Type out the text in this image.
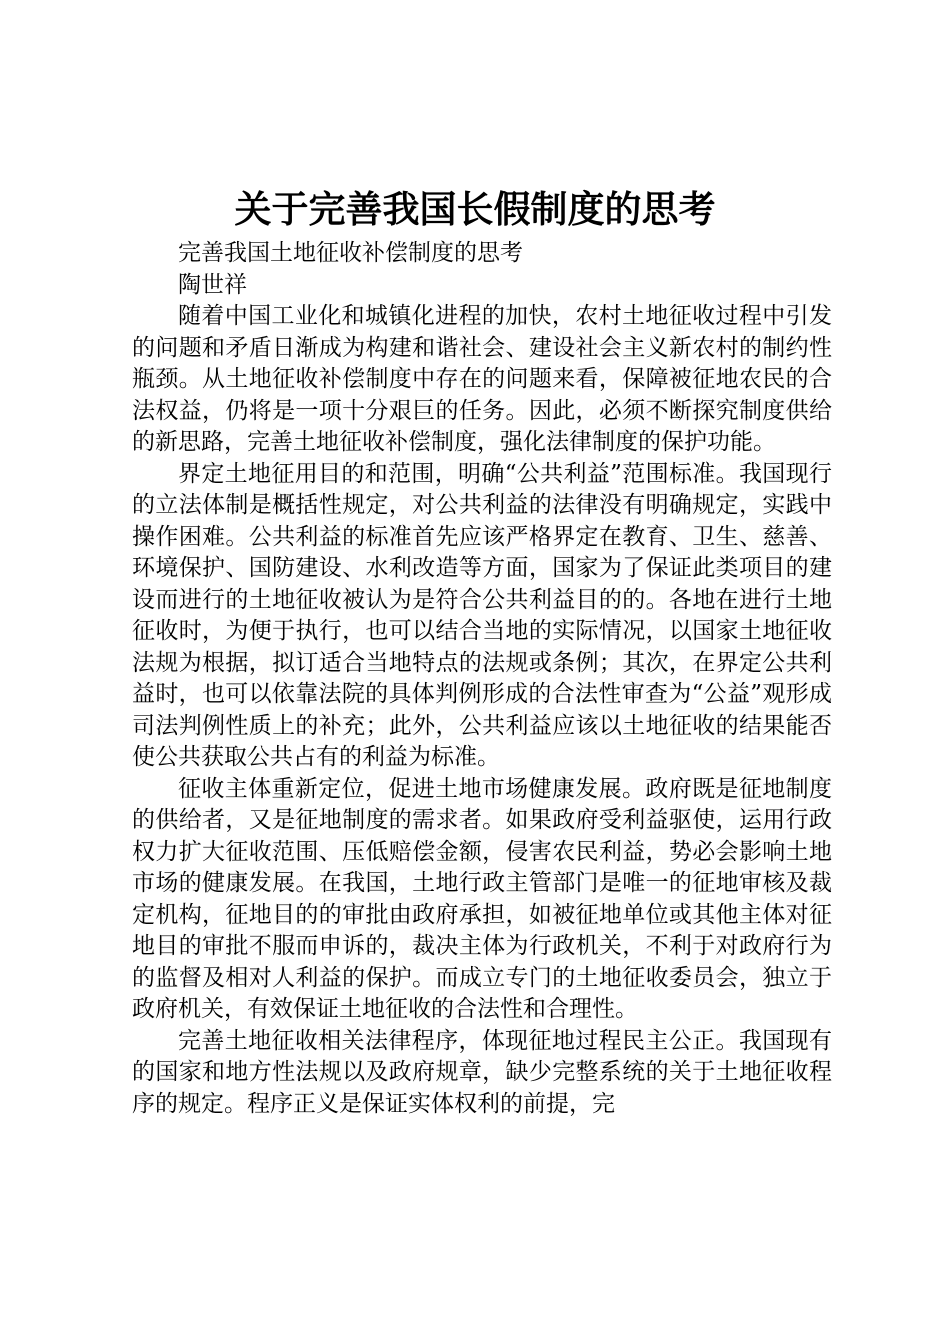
关于完善我国长假制度的思考

完善我国土地征收补偿制度的思考

陶世祥

随着中国工业化和城镇化进程的加快，农村土地征收过程中引发的问题和矛盾日渐成为构建和谐社会、建设社会主义新农村的制约性瓶颈。从土地征收补偿制度中存在的问题来看，保障被征地农民的合法权益，仍将是一项十分艰巨的任务。因此，必须不断探究制度供给的新思路，完善土地征收补偿制度，强化法律制度的保护功能。

界定土地征用目的和范围，明确“公共利益”范围标准。我国现行的立法体制是概括性规定，对公共利益的法律没有明确规定，实践中操作困难。公共利益的标准首先应该严格界定在教育、卫生、慈善、环境保护、国防建设、水利改造等方面，国家为了保证此类项目的建设而进行的土地征收被认为是符合公共利益目的的。各地在进行土地征收时，为便于执行，也可以结合当地的实际情况，以国家土地征收法规为根据，拟订适合当地特点的法规或条例；其次，在界定公共利益时，也可以依靠法院的具体判例形成的合法性审查为“公益”观形成司法判例性质上的补充；此外，公共利益应该以土地征收的结果能否使公共获取公共占有的利益为标准。

征收主体重新定位，促进土地市场健康发展。政府既是征地制度的供给者，又是征地制度的需求者。如果政府受利益驱使，运用行政权力扩大征收范围、压低赔偿金额，侵害农民利益，势必会影响土地市场的健康发展。在我国，土地行政主管部门是唯一的征地审核及裁定机构，征地目的的审批由政府承担，如被征地单位或其他主体对征地目的审批不服而申诉的，裁决主体为行政机关，不利于对政府行为的监督及相对人利益的保护。而成立专门的土地征收委员会，独立于政府机关，有效保证土地征收的合法性和合理性。

完善土地征收相关法律程序，体现征地过程民主公正。我国现有的国家和地方性法规以及政府规章，缺少完整系统的关于土地征收程序的规定。程序正义是保证实体权利的前提，完
